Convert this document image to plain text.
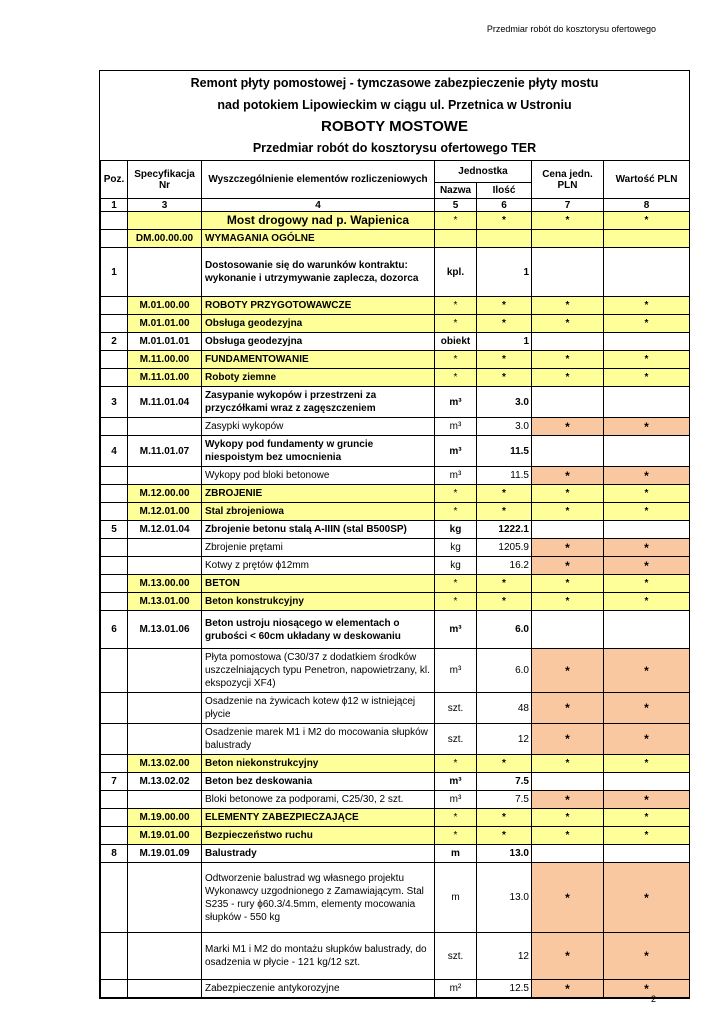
Przedmiar robót do kosztorysu ofertowego
Remont płyty pomostowej - tymczasowe zabezpieczenie płyty mostu
nad potokiem Lipowieckim w ciągu ul. Przetnica w Ustroniu
ROBOTY MOSTOWE
Przedmiar robót do kosztorysu ofertowego TER
Poz.	Specyfikacja Nr	Wyszczególnienie elementów rozliczeniowych	Jednostka		Cena jedn. PLN	Wartość PLN
			Nazwa	Ilość		
1	3	4	5	6	7	8
		Most drogowy nad p. Wapienica	*	*	*	*
	DM.00.00.00	WYMAGANIA OGÓLNE				
1		Dostosowanie się do warunków kontraktu: wykonanie i utrzymywanie zaplecza, dozorca	kpl.	1		
	M.01.00.00	ROBOTY PRZYGOTOWAWCZE	*	*	*	*
	M.01.01.00	Obsługa geodezyjna	*	*	*	*
2	M.01.01.01	Obsługa geodezyjna	obiekt	1		
	M.11.00.00	FUNDAMENTOWANIE	*	*	*	*
	M.11.01.00	Roboty ziemne	*	*	*	*
3	M.11.01.04	Zasypanie wykopów i przestrzeni za przyczółkami wraz z zagęszczeniem	m³	3.0		
		Zasypki wykopów	m³	3.0	*	*
4	M.11.01.07	Wykopy pod fundamenty w gruncie niespoistym bez umocnienia	m³	11.5		
		Wykopy pod bloki betonowe	m³	11.5	*	*
	M.12.00.00	ZBROJENIE	*	*	*	*
	M.12.01.00	Stal zbrojeniowa	*	*	*	*
5	M.12.01.04	Zbrojenie betonu stalą A-IIIN (stal B500SP)	kg	1222.1		
		Zbrojenie prętami	kg	1205.9	*	*
		Kotwy z prętów ϕ12mm	kg	16.2	*	*
	M.13.00.00	BETON	*	*	*	*
	M.13.01.00	Beton konstrukcyjny	*	*	*	*
6	M.13.01.06	Beton ustroju niosącego w elementach o grubości < 60cm układany w deskowaniu	m³	6.0		
		Płyta pomostowa (C30/37 z dodatkiem środków uszczelniających typu Penetron, napowietrzany, kl. ekspozycji XF4)	m³	6.0	*	*
		Osadzenie na żywicach kotew ϕ12 w istniejącej płycie	szt.	48	*	*
		Osadzenie marek M1 i M2 do mocowania słupków balustrady	szt.	12	*	*
	M.13.02.00	Beton niekonstrukcyjny	*	*	*	*
7	M.13.02.02	Beton bez deskowania	m³	7.5		
		Bloki betonowe za podporami, C25/30, 2 szt.	m³	7.5	*	*
	M.19.00.00	ELEMENTY ZABEZPIECZAJĄCE	*	*	*	*
	M.19.01.00	Bezpieczeństwo ruchu	*	*	*	*
8	M.19.01.09	Balustrady	m	13.0		
		Odtworzenie balustrad wg własnego projektu Wykonawcy uzgodnionego z Zamawiającym. Stal S235 - rury ϕ60.3/4.5mm, elementy mocowania słupków - 550 kg	m	13.0	*	*
		Marki M1 i M2 do montażu słupków balustrady, do osadzenia w płycie - 121 kg/12 szt.	szt.	12	*	*
		Zabezpieczenie antykorozyjne	m²	12.5	*	*
2
